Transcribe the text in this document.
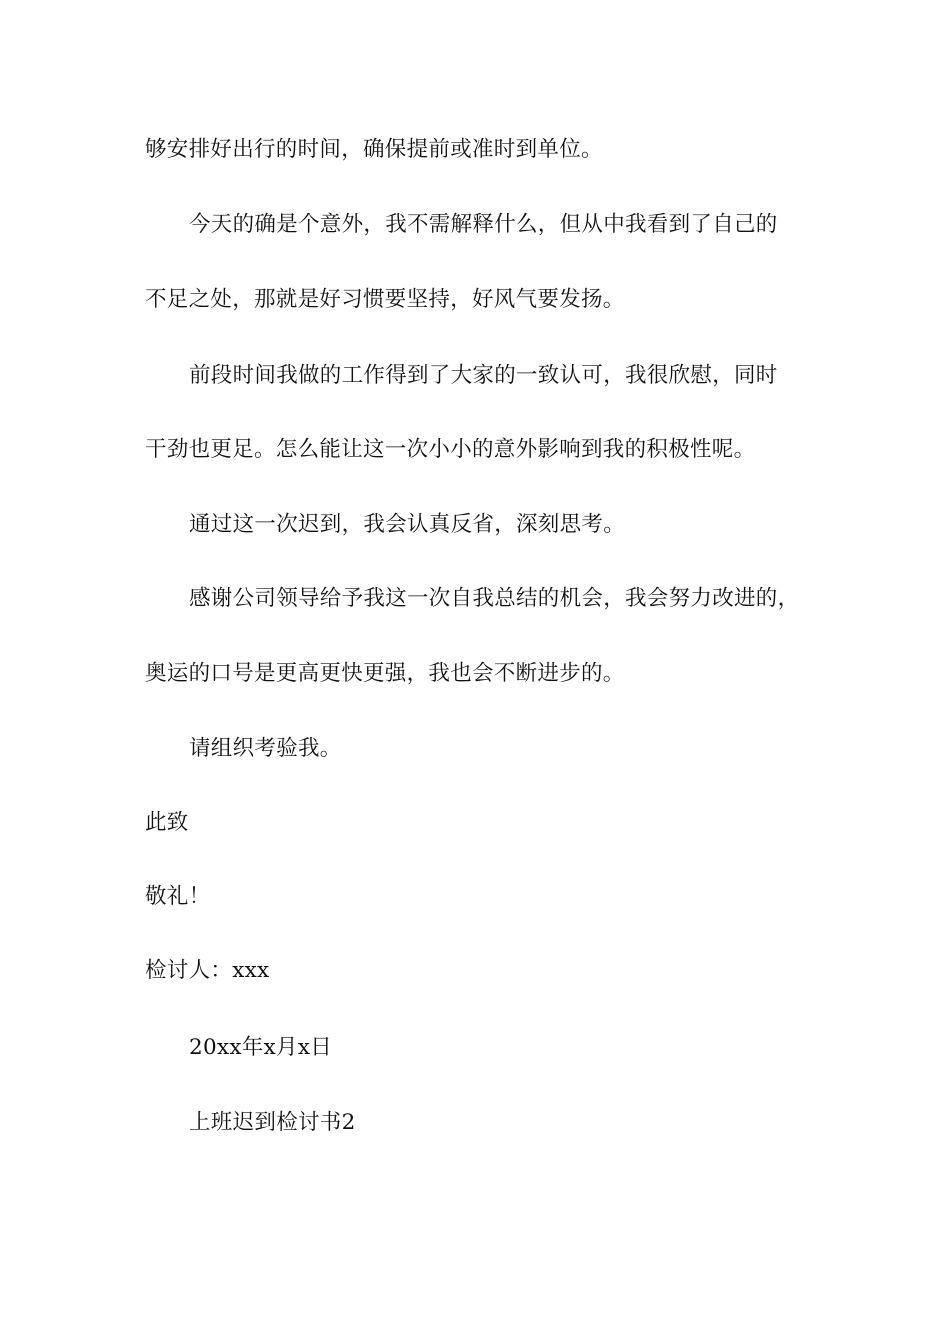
够安排好出行的时间，确保提前或准时到单位。
今天的确是个意外，我不需解释什么，但从中我看到了自己的
不足之处，那就是好习惯要坚持，好风气要发扬。
前段时间我做的工作得到了大家的一致认可，我很欣慰，同时
干劲也更足。怎么能让这一次小小的意外影响到我的积极性呢。
通过这一次迟到，我会认真反省，深刻思考。
感谢公司领导给予我这一次自我总结的机会，我会努力改进的，
奥运的口号是更高更快更强，我也会不断进步的。
请组织考验我。
此致
敬礼！
检讨人：xxx
20xx年x月x日
上班迟到检讨书2
